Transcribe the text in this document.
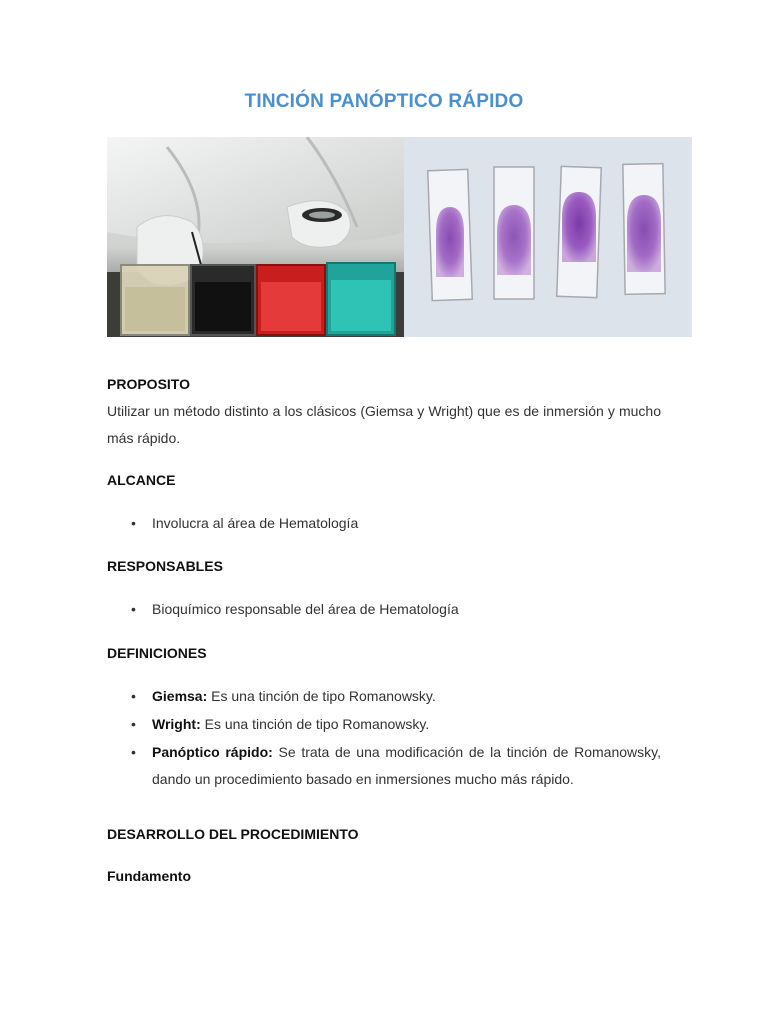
TINCIÓN PANÓPTICO RÁPIDO
PROPOSITO
Utilizar un método distinto a los clásicos (Giemsa y Wright) que es de inmersión y mucho más rápido.
ALCANCE
•	Involucra al área de Hematología
RESPONSABLES
•	Bioquímico responsable del área de Hematología
DEFINICIONES
•	Giemsa: Es una tinción de tipo Romanowsky.
•	Wright: Es una tinción de tipo Romanowsky.
•	Panóptico rápido: Se trata de una modificación de la tinción de Romanowsky, dando un procedimiento basado en inmersiones mucho más rápido.
DESARROLLO DEL PROCEDIMIENTO
Fundamento
